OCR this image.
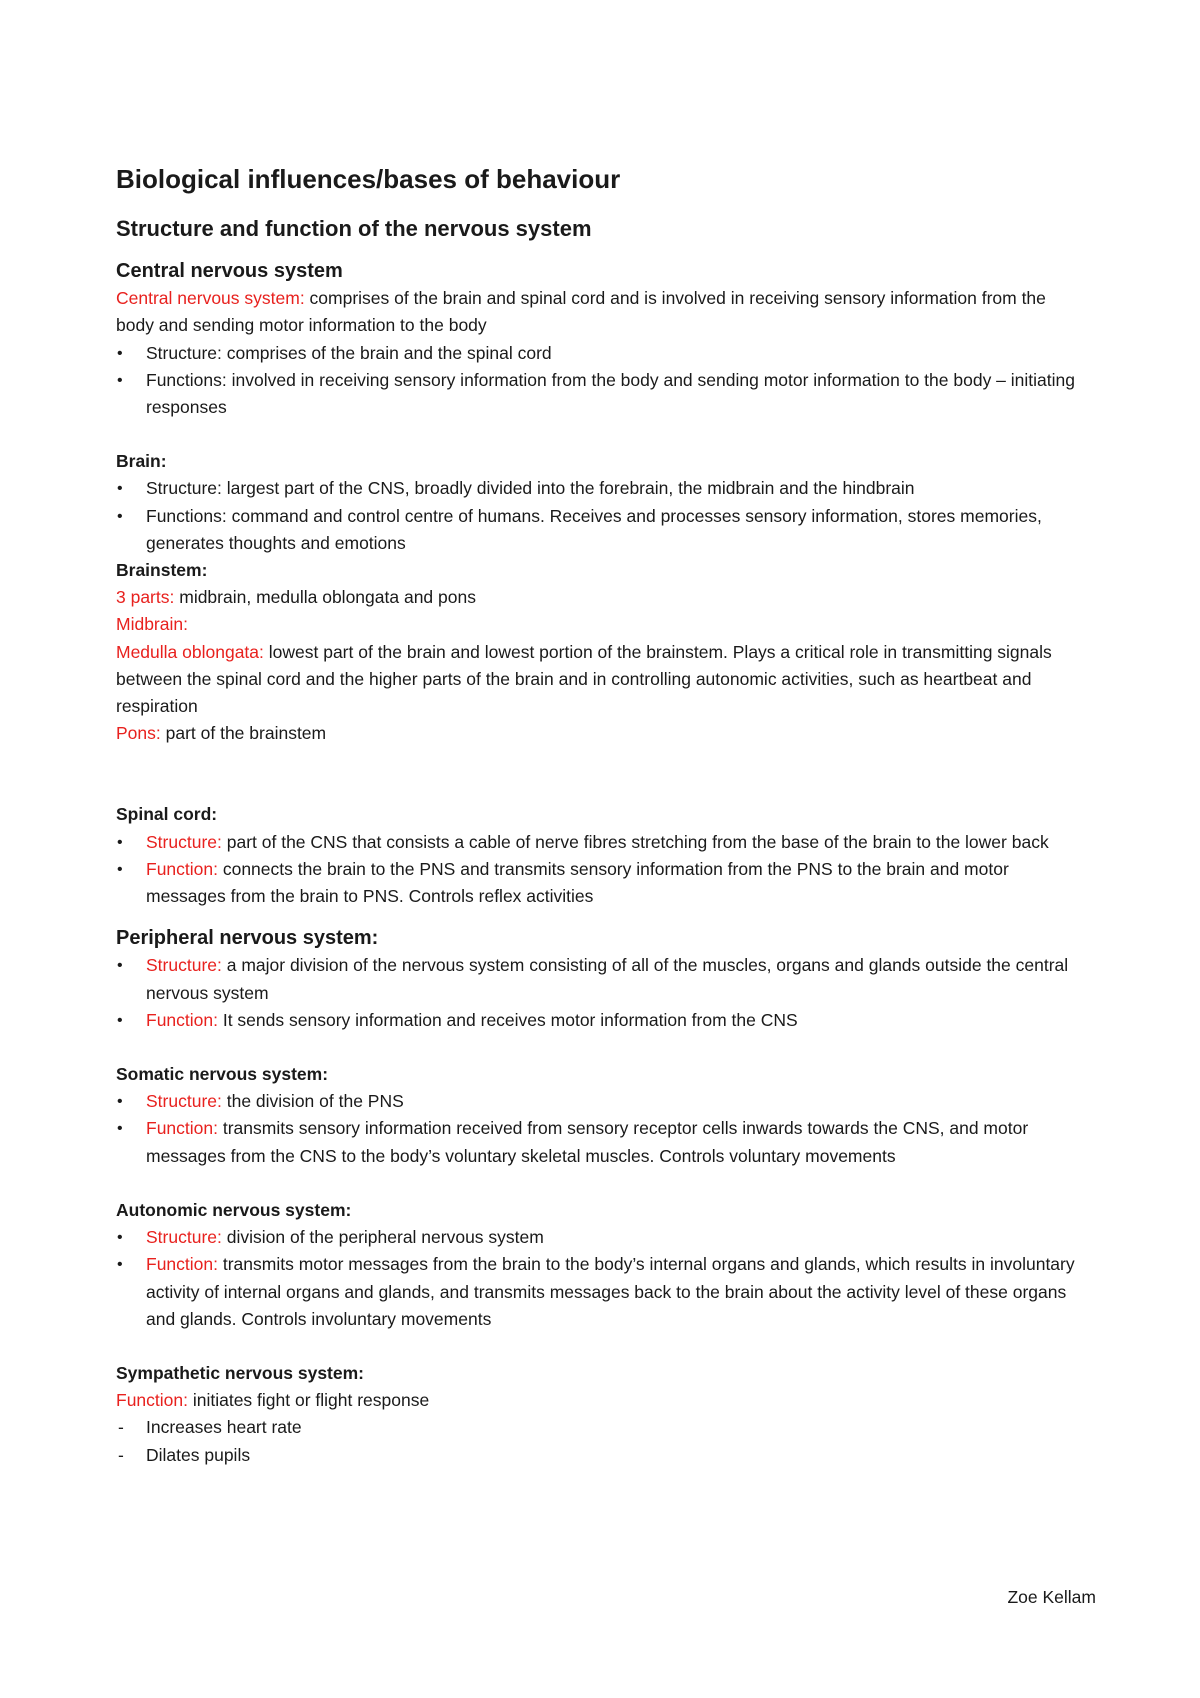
Biological influences/bases of behaviour
Structure and function of the nervous system
Central nervous system

Central nervous system: comprises of the brain and spinal cord and is involved in receiving sensory information from the body and sending motor information to the body

• Structure: comprises of the brain and the spinal cord
• Functions: involved in receiving sensory information from the body and sending motor information to the body – initiating responses
Brain:
• Structure: largest part of the CNS, broadly divided into the forebrain, the midbrain and the hindbrain
• Functions: command and control centre of humans. Receives and processes sensory information, stores memories, generates thoughts and emotions
Brainstem:

3 parts: midbrain, medulla oblongata and pons

Midbrain:

Medulla oblongata: lowest part of the brain and lowest portion of the brainstem. Plays a critical role in transmitting signals between the spinal cord and the higher parts of the brain and in controlling autonomic activities, such as heartbeat and respiration

Pons: part of the brainstem

Spinal cord:
• Structure: part of the CNS that consists a cable of nerve fibres stretching from the base of the brain to the lower back
• Function: connects the brain to the PNS and transmits sensory information from the PNS to the brain and motor messages from the brain to PNS. Controls reflex activities
Peripheral nervous system:
• Structure: a major division of the nervous system consisting of all of the muscles, organs and glands outside the central nervous system
• Function: It sends sensory information and receives motor information from the CNS
Somatic nervous system:
• Structure: the division of the PNS
• Function: transmits sensory information received from sensory receptor cells inwards towards the CNS, and motor messages from the CNS to the body’s voluntary skeletal muscles. Controls voluntary movements
Autonomic nervous system:
• Structure: division of the peripheral nervous system
• Function: transmits motor messages from the brain to the body’s internal organs and glands, which results in involuntary activity of internal organs and glands, and transmits messages back to the brain about the activity level of these organs and glands. Controls involuntary movements
Sympathetic nervous system:

Function: initiates fight or flight response

- Increases heart rate
- Dilates pupils
Zoe Kellam
